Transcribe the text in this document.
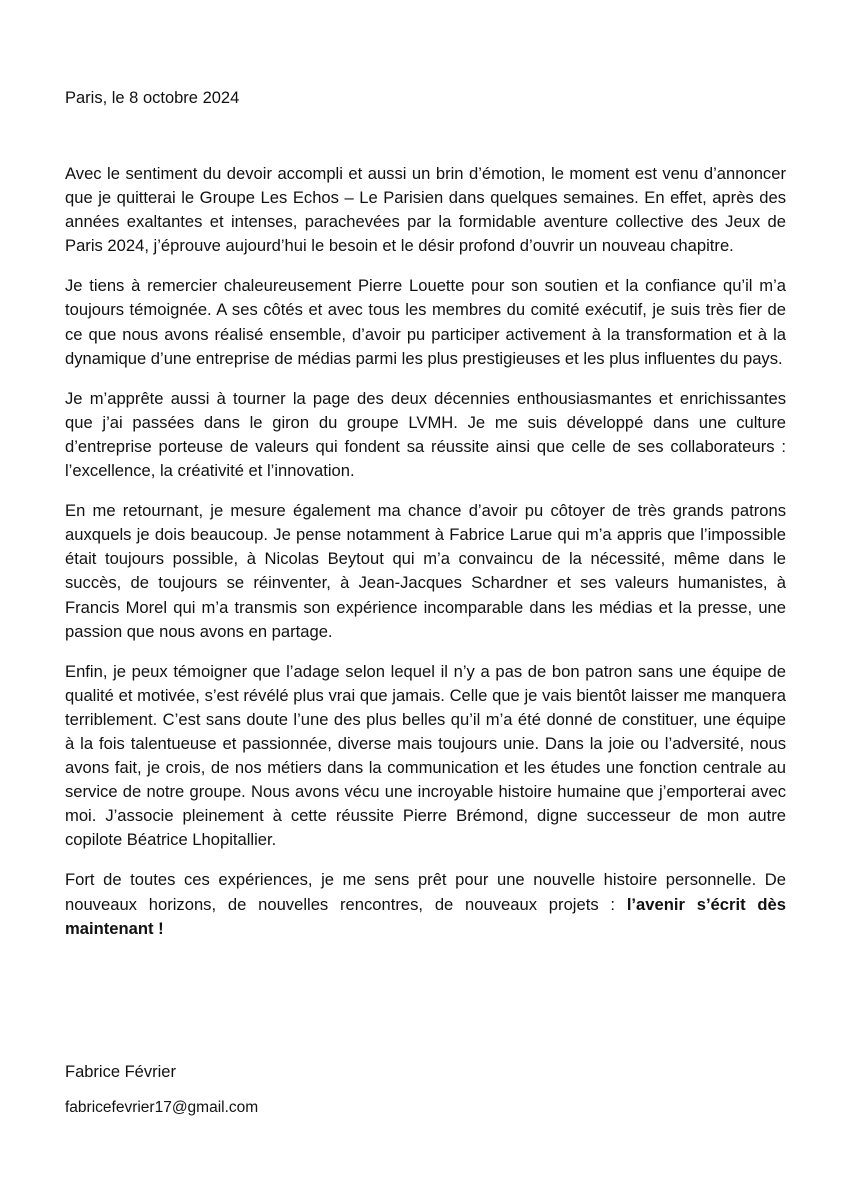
Paris, le 8 octobre 2024

Avec le sentiment du devoir accompli et aussi un brin d’émotion, le moment est venu d’annoncer que je quitterai le Groupe Les Echos – Le Parisien dans quelques semaines. En effet, après des années exaltantes et intenses, parachevées par la formidable aventure collective des Jeux de Paris 2024, j’éprouve aujourd’hui le besoin et le désir profond d’ouvrir un nouveau chapitre.

Je tiens à remercier chaleureusement Pierre Louette pour son soutien et la confiance qu’il m’a toujours témoignée. A ses côtés et avec tous les membres du comité exécutif, je suis très fier de ce que nous avons réalisé ensemble, d’avoir pu participer activement à la transformation et à la dynamique d’une entreprise de médias parmi les plus prestigieuses et les plus influentes du pays.

Je m’apprête aussi à tourner la page des deux décennies enthousiasmantes et enrichissantes que j’ai passées dans le giron du groupe LVMH. Je me suis développé dans une culture d’entreprise porteuse de valeurs qui fondent sa réussite ainsi que celle de ses collaborateurs : l’excellence, la créativité et l’innovation.

En me retournant, je mesure également ma chance d’avoir pu côtoyer de très grands patrons auxquels je dois beaucoup. Je pense notamment à Fabrice Larue qui m’a appris que l’impossible était toujours possible, à Nicolas Beytout qui m’a convaincu de la nécessité, même dans le succès, de toujours se réinventer, à Jean-Jacques Schardner et ses valeurs humanistes, à Francis Morel qui m’a transmis son expérience incomparable dans les médias et la presse, une passion que nous avons en partage.

Enfin, je peux témoigner que l’adage selon lequel il n’y a pas de bon patron sans une équipe de qualité et motivée, s’est révélé plus vrai que jamais. Celle que je vais bientôt laisser me manquera terriblement. C’est sans doute l’une des plus belles qu’il m’a été donné de constituer, une équipe à la fois talentueuse et passionnée, diverse mais toujours unie. Dans la joie ou l’adversité, nous avons fait, je crois, de nos métiers dans la communication et les études une fonction centrale au service de notre groupe. Nous avons vécu une incroyable histoire humaine que j’emporterai avec moi. J’associe pleinement à cette réussite Pierre Brémond, digne successeur de mon autre copilote Béatrice Lhopitallier.

Fort de toutes ces expériences, je me sens prêt pour une nouvelle histoire personnelle. De nouveaux horizons, de nouvelles rencontres, de nouveaux projets : l’avenir s’écrit dès maintenant !

Fabrice Février

fabricefevrier17@gmail.com
